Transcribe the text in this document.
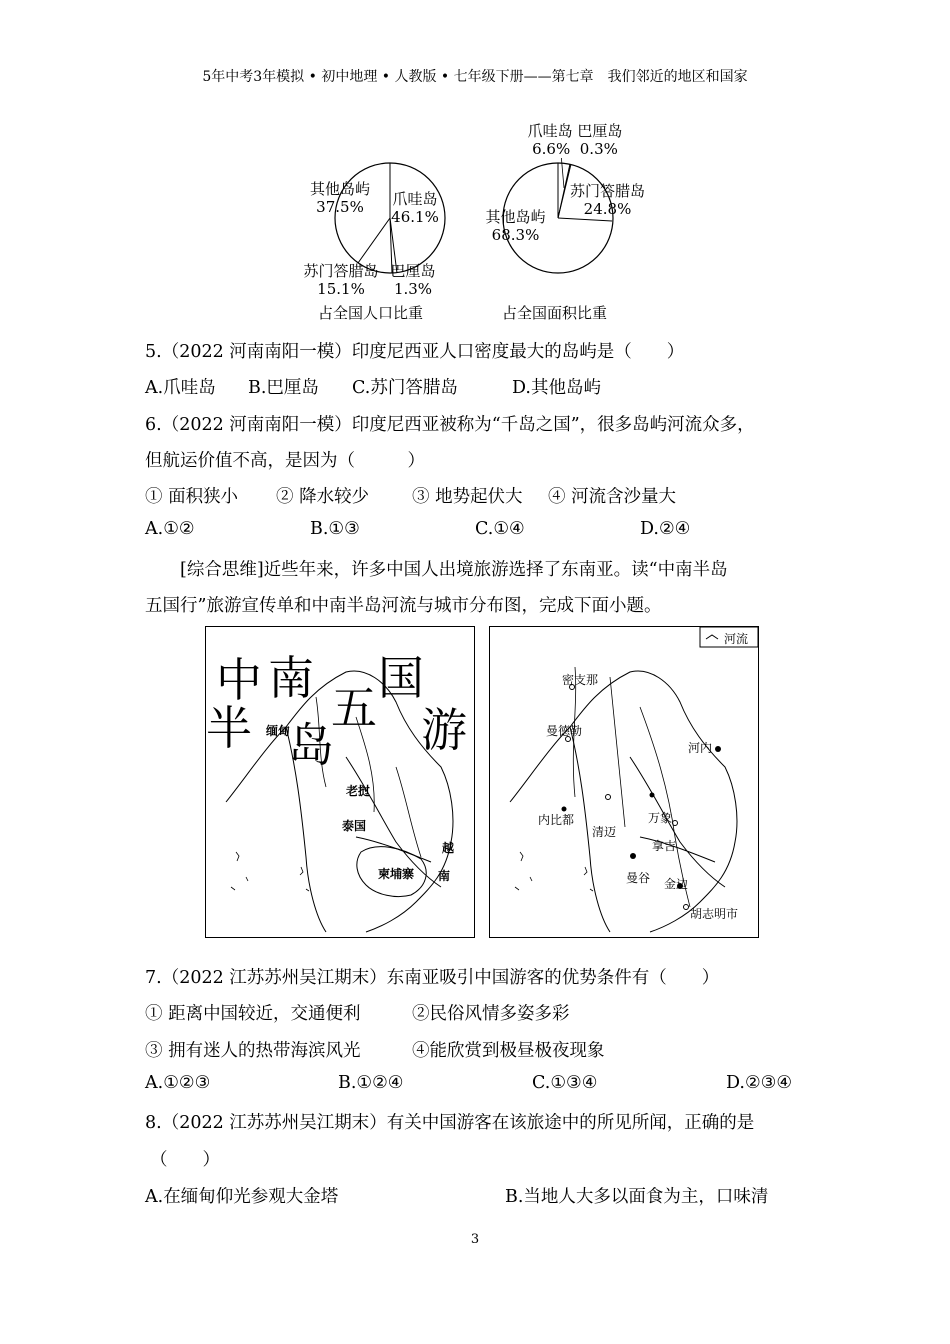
5年中考3年模拟 • 初中地理 • 人教版 • 七年级下册——第七章　我们邻近的地区和国家
其他岛屿
37.5%	爪哇岛
46.1%
苏门答腊岛
15.1%
巴厘岛
1.3%
占全国人口比重
爪哇岛 巴厘岛
6.6% 0.3%
苏门答腊岛
24.8%
其他岛屿
68.3%
占全国面积比重
5.（2022 河南南阳一模）印度尼西亚人口密度最大的岛屿是（　　）
A.爪哇岛 B.巴厘岛 C.苏门答腊岛	D.其他岛屿
6.（2022 河南南阳一模）印度尼西亚被称为“千岛之国”，很多岛屿河流众多，
但航运价值不高，是因为（　　　）
① 面积狭小 ② 降水较少 ③ 地势起伏大 ④ 河流含沙量大
A.①②	B.①③	C.①④	D.②④
[综合思维]近些年来，许多中国人出境旅游选择了东南亚。读“中南半岛
五国行”旅游宣传单和中南半岛河流与城市分布图，完成下面小题。
中 南 国
半 五
岛 游
缅甸
老挝
泰国
柬埔寨
越
南
河流
密支那
曼德勒
河内
内比都
清迈
万象
拿吉
曼谷 金边
胡志明市
7.（2022 江苏苏州吴江期末）东南亚吸引中国游客的优势条件有（　　）
① 距离中国较近，交通便利	②民俗风情多姿多彩
③ 拥有迷人的热带海滨风光	④能欣赏到极昼极夜现象
A.①②③	B.①②④	C.①③④	D.②③④
8.（2022 江苏苏州吴江期末）有关中国游客在该旅途中的所见所闻，正确的是
（　　）
A.在缅甸仰光参观大金塔	B.当地人大多以面食为主，口味清
3
